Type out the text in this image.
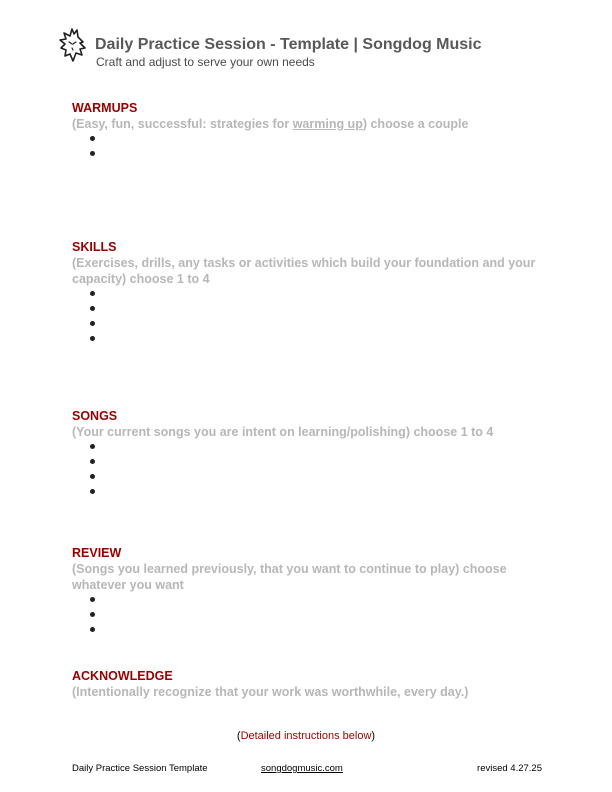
Daily Practice Session - Template | Songdog Music
Craft and adjust to serve your own needs

WARMUPS

(Easy, fun, successful: strategies for warming up) choose a couple

SKILLS

(Exercises, drills, any tasks or activities which build your foundation and your capacity) choose 1 to 4

SONGS

(Your current songs you are intent on learning/polishing) choose 1 to 4

REVIEW

(Songs you learned previously, that you want to continue to play) choose whatever you want

ACKNOWLEDGE

(Intentionally recognize that your work was worthwhile, every day.)

(Detailed instructions below)
Daily Practice Session Template	songdogmusic.com	revised 4.27.25
